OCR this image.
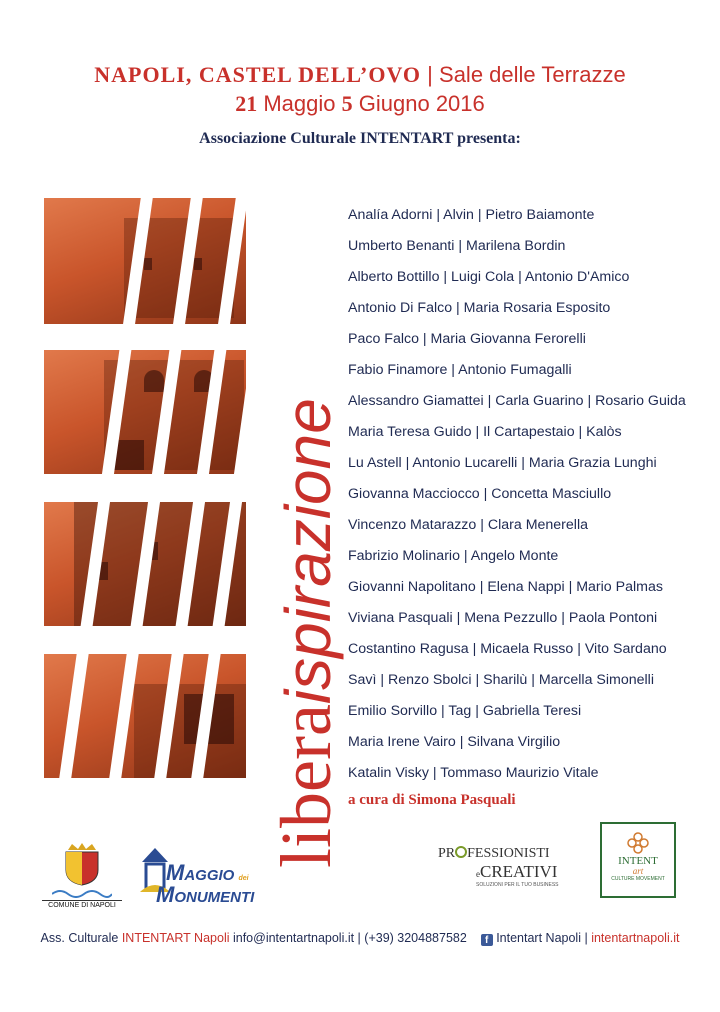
NAPOLI, CASTEL DELL’OVO | Sale delle Terrazze
21 Maggio 5 Giugno 2016
Associazione Culturale INTENTART presenta:
liberaispirazione
Analía Adorni | Alvin | Pietro Baiamonte
Umberto Benanti | Marilena Bordin
Alberto Bottillo | Luigi Cola | Antonio D'Amico
Antonio Di Falco | Maria Rosaria Esposito
Paco Falco | Maria Giovanna Ferorelli
Fabio Finamore | Antonio Fumagalli
Alessandro Giamattei | Carla Guarino | Rosario Guida
Maria Teresa Guido | Il Cartapestaio | Kalòs
Lu Astell | Antonio Lucarelli | Maria Grazia Lunghi
Giovanna Macciocco | Concetta Masciullo
Vincenzo Matarazzo | Clara Menerella
Fabrizio Molinario | Angelo Monte
Giovanni Napolitano | Elena Nappi | Mario Palmas
Viviana Pasquali | Mena Pezzullo | Paola Pontoni
Costantino Ragusa | Micaela Russo | Vito Sardano
Savì | Renzo Sbolci | Sharilù | Marcella Simonelli
Emilio Sorvillo | Tag | Gabriella Teresi
Maria Irene Vairo | Silvana Virgilio
Katalin Visky | Tommaso Maurizio Vitale
a cura di Simona Pasquali
COMUNE DI NAPOLI
MAGGIO dei
MONUMENTI
PR FESSIONISTI
eCREATIVI
SOLUZIONI PER IL TUO BUSINESS
INTENT
art
CULTURE MOVEMENT
Ass. Culturale INTENTART Napoli info@intentartnapoli.it | (+39) 3204887582 f Intentart Napoli | intentartnapoli.it
